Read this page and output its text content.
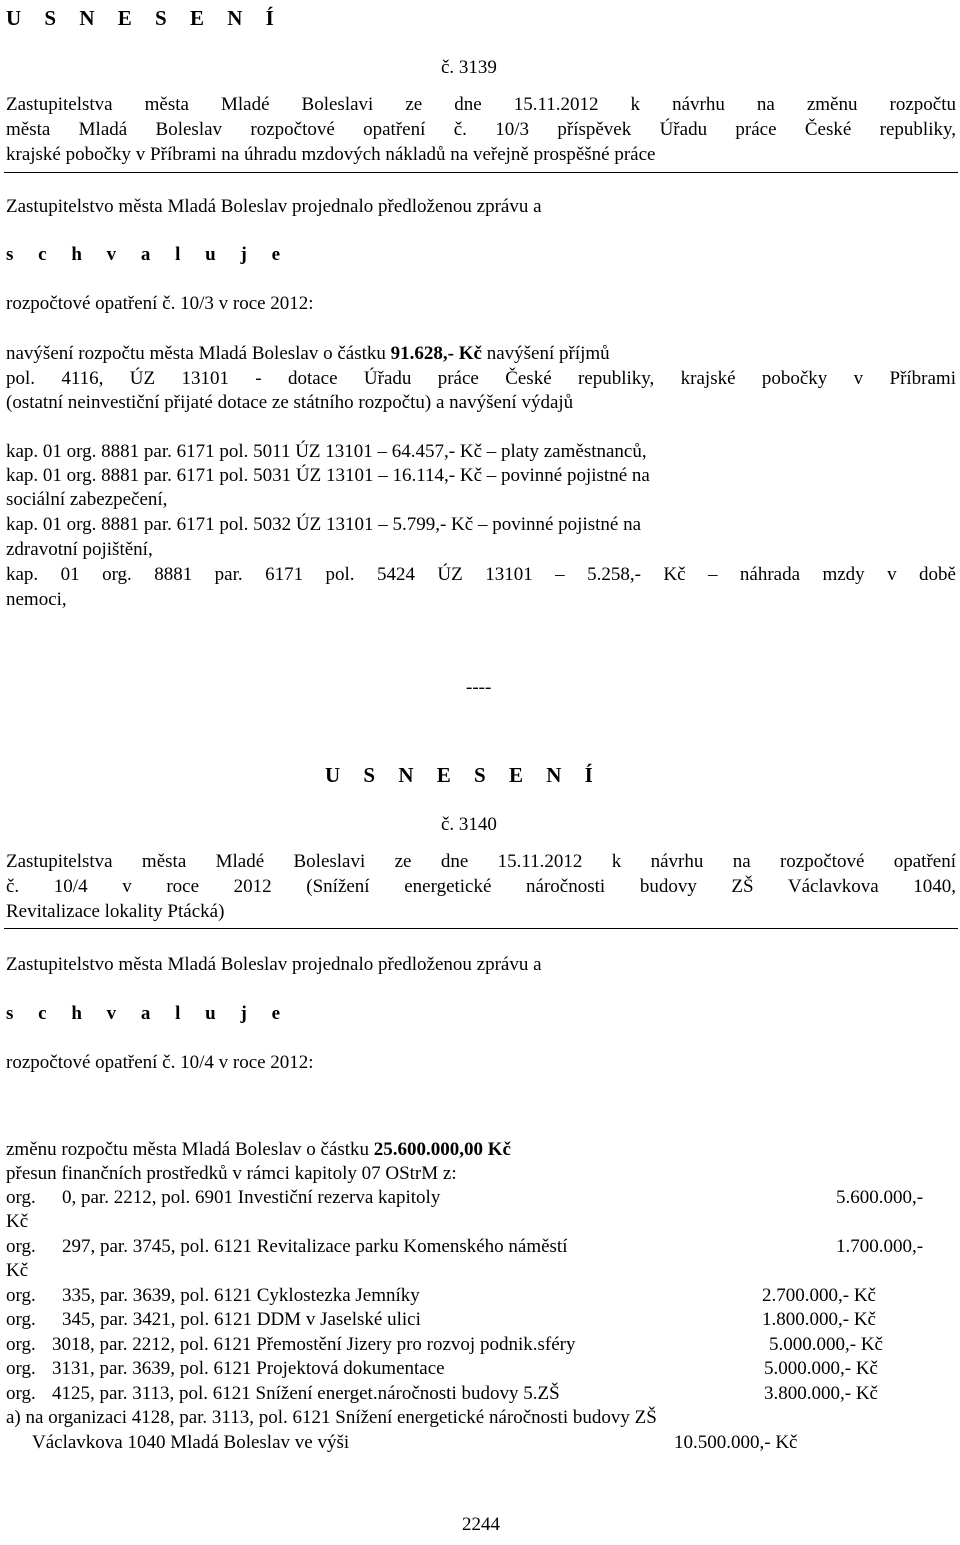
U S N E S E N Í
č. 3139
Zastupitelstva města Mladé Boleslavi ze dne 15.11.2012 k návrhu na změnu rozpočtu
města Mladá Boleslav rozpočtové opatření č. 10/3 příspěvek Úřadu práce České republiky,
krajské pobočky v Příbrami na úhradu mzdových nákladů na veřejně prospěšné práce
Zastupitelstvo města Mladá Boleslav projednalo předloženou zprávu a
s c h v a l u j e
rozpočtové opatření č. 10/3 v roce 2012:
navýšení rozpočtu města Mladá Boleslav o částku 91.628,- Kč navýšení příjmů
pol. 4116, ÚZ 13101 - dotace Úřadu práce České republiky, krajské pobočky v Příbrami
(ostatní neinvestiční přijaté dotace ze státního rozpočtu) a navýšení výdajů
kap. 01 org. 8881 par. 6171 pol. 5011 ÚZ 13101 – 64.457,- Kč – platy zaměstnanců,
kap. 01 org. 8881 par. 6171 pol. 5031 ÚZ 13101 – 16.114,- Kč – povinné pojistné na
sociální zabezpečení,
kap. 01 org. 8881 par. 6171 pol. 5032 ÚZ 13101 – 5.799,- Kč – povinné pojistné na
zdravotní pojištění,
kap. 01 org. 8881 par. 6171 pol. 5424 ÚZ 13101 – 5.258,- Kč – náhrada mzdy v době
nemoci,
----
U S N E S E N Í
č. 3140
Zastupitelstva města Mladé Boleslavi ze dne 15.11.2012 k návrhu na rozpočtové opatření
č. 10/4 v roce 2012 (Snížení energetické náročnosti budovy ZŠ Václavkova 1040,
Revitalizace lokality Ptácká)
Zastupitelstvo města Mladá Boleslav projednalo předloženou zprávu a
s c h v a l u j e
rozpočtové opatření č. 10/4 v roce 2012:
změnu rozpočtu města Mladá Boleslav o částku 25.600.000,00 Kč
přesun finančních prostředků v rámci kapitoly 07 OStrM z:
org. 0, par. 2212, pol. 6901 Investiční rezerva kapitoly	5.600.000,-
Kč
org. 297, par. 3745, pol. 6121 Revitalizace parku Komenského náměstí	1.700.000,-
Kč
org. 335, par. 3639, pol. 6121 Cyklostezka Jemníky	2.700.000,- Kč
org. 345, par. 3421, pol. 6121 DDM v Jaselské ulici	1.800.000,- Kč
org. 3018, par. 2212, pol. 6121 Přemostění Jizery pro rozvoj podnik.sféry	5.000.000,- Kč
org. 3131, par. 3639, pol. 6121 Projektová dokumentace	5.000.000,- Kč
org. 4125, par. 3113, pol. 6121 Snížení energet.náročnosti budovy 5.ZŠ	3.800.000,- Kč
a) na organizaci 4128, par. 3113, pol. 6121 Snížení energetické náročnosti budovy ZŠ
Václavkova 1040 Mladá Boleslav ve výši	10.500.000,- Kč
2244
